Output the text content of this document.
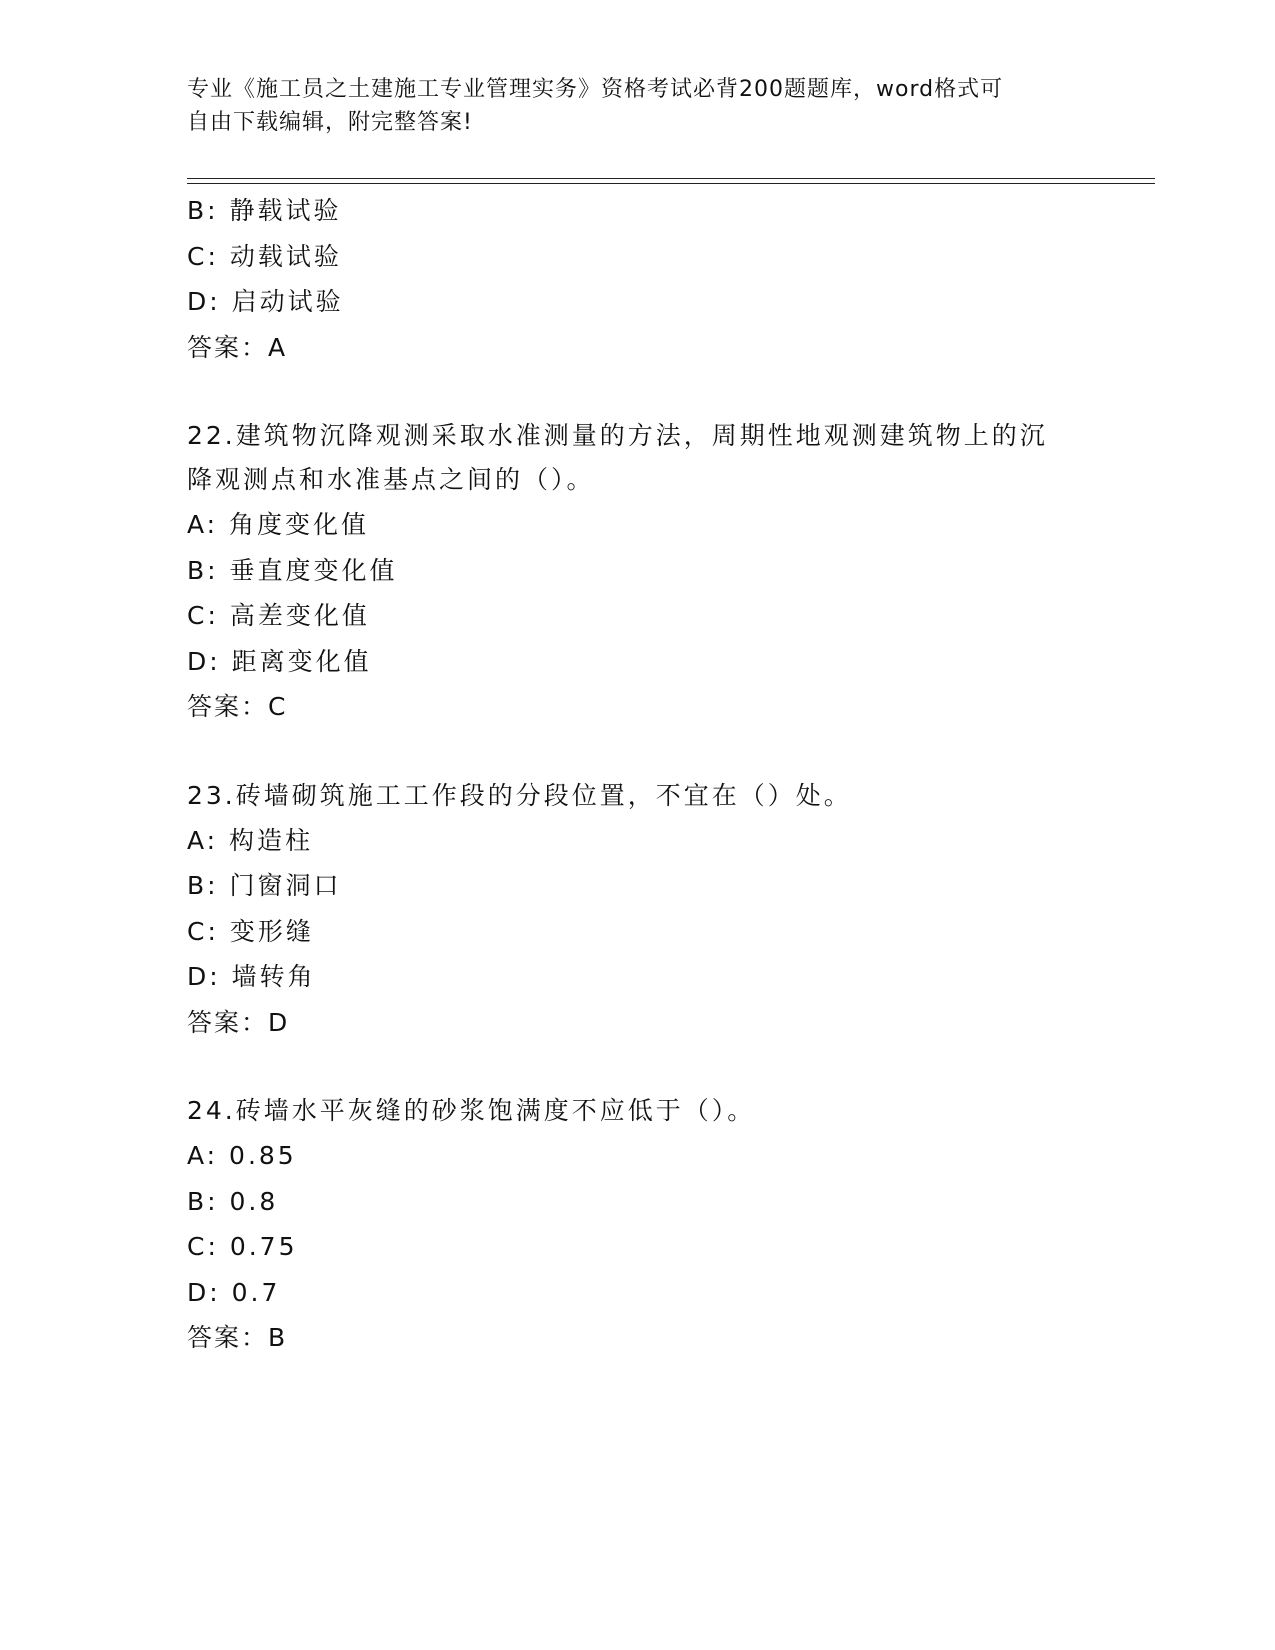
专业《施工员之土建施工专业管理实务》资格考试必背200题题库，word格式可
自由下载编辑，附完整答案!
B: 静载试验
C: 动载试验
D: 启动试验
答案：A
22.建筑物沉降观测采取水准测量的方法，周期性地观测建筑物上的沉
降观测点和水准基点之间的（）。
A: 角度变化值
B: 垂直度变化值
C: 高差变化值
D: 距离变化值
答案：C
23.砖墙砌筑施工工作段的分段位置，不宜在（）处。
A: 构造柱
B: 门窗洞口
C: 变形缝
D: 墙转角
答案：D
24.砖墙水平灰缝的砂浆饱满度不应低于（）。
A: 0.85
B: 0.8
C: 0.75
D: 0.7
答案：B
